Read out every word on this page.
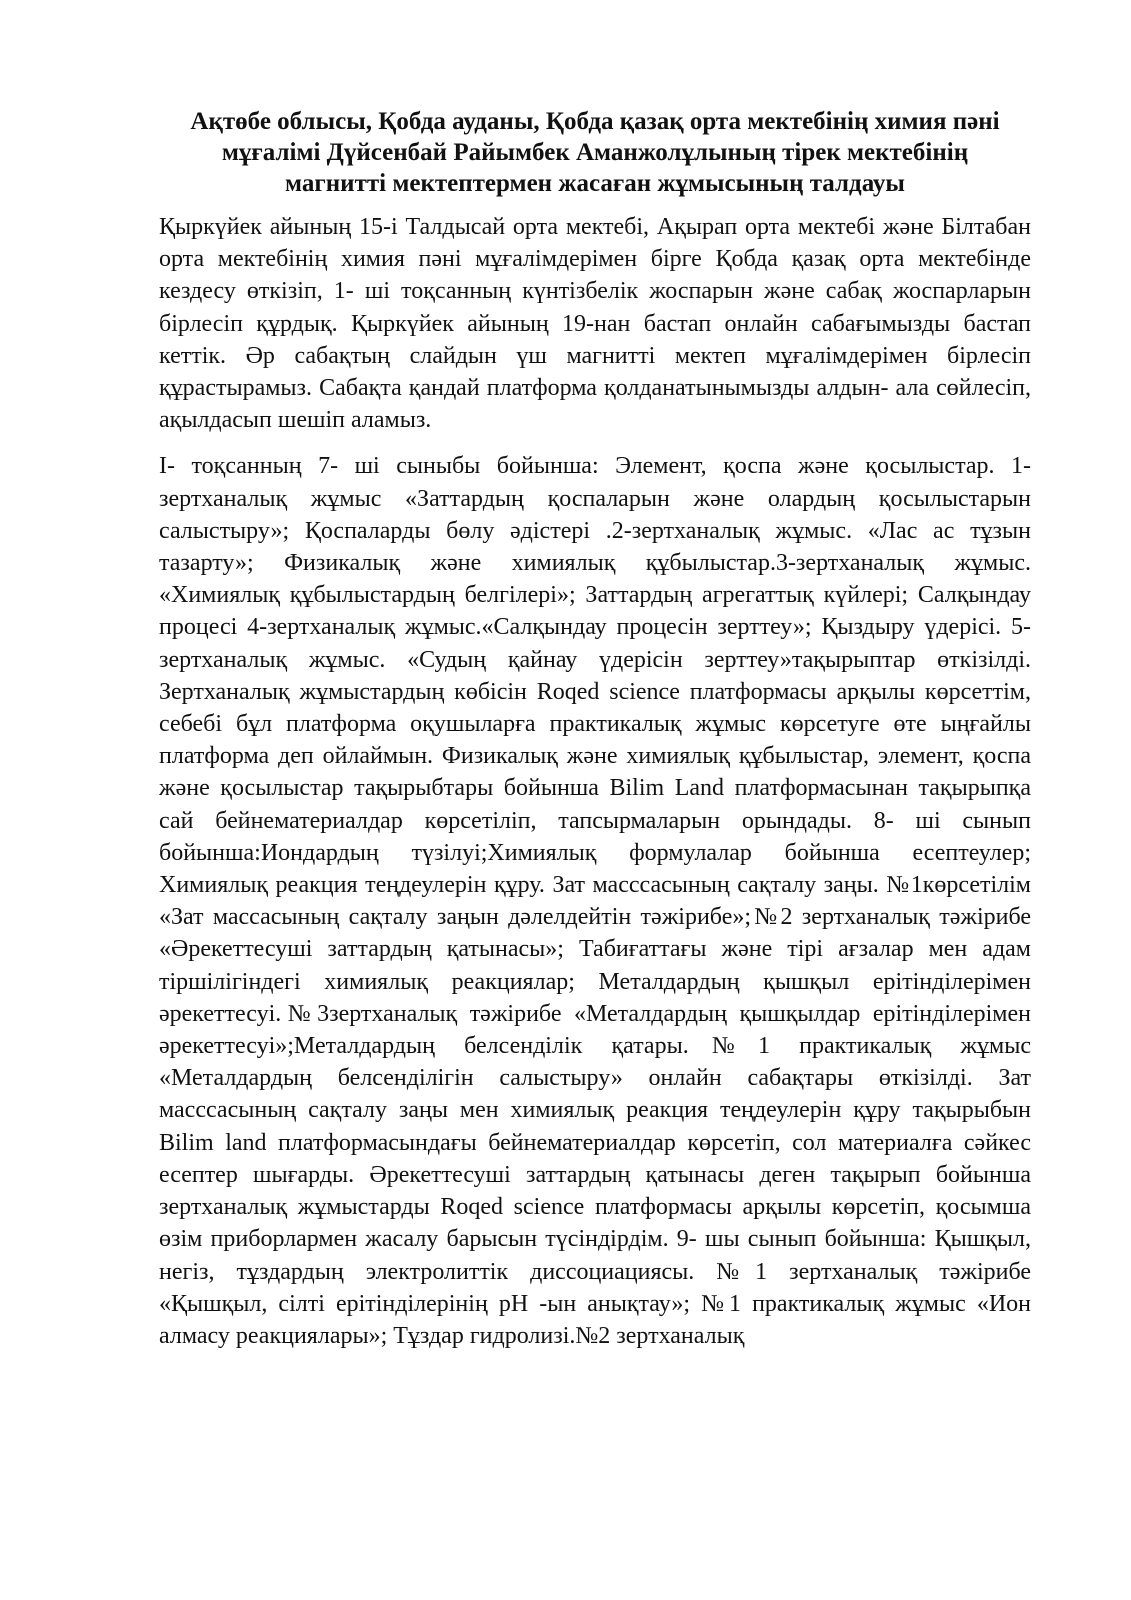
Ақтөбе облысы, Қобда ауданы, Қобда қазақ орта мектебінің химия пәні мұғалімі Дүйсенбай Райымбек Аманжолұлының тірек мектебінің магнитті мектептермен жасаған жұмысының талдауы

Қыркүйек айының 15-і Талдысай орта мектебі, Ақырап орта мектебі және Білтабан орта мектебінің химия пәні мұғалімдерімен бірге Қобда қазақ орта мектебінде кездесу өткізіп, 1- ші тоқсанның күнтізбелік жоспарын және сабақ жоспарларын бірлесіп құрдық. Қыркүйек айының 19-нан бастап онлайн сабағымызды бастап кеттік. Әр сабақтың слайдын үш магнитті мектеп мұғалімдерімен бірлесіп құрастырамыз. Сабақта қандай платформа қолданатынымызды алдын- ала сөйлесіп, ақылдасып шешіп аламыз.

І- тоқсанның 7- ші сыныбы бойынша: Элемент, қоспа және қосылыстар. 1-зертханалық жұмыс «Заттардың қоспаларын және олардың қосылыстарын салыстыру»; Қоспаларды бөлу әдістері .2-зертханалық жұмыс. «Лас ас тұзын тазарту»; Физикалық және химиялық құбылыстар.3-зертханалық жұмыс. «Химиялық құбылыстардың белгілері»; Заттардың агрегаттық күйлері; Салқындау процесі 4-зертханалық жұмыс.«Салқындау процесін зерттеу»; Қыздыру үдерісі. 5-зертханалық жұмыс. «Судың қайнау үдерісін зерттеу»тақырыптар өткізілді. Зертханалық жұмыстардың көбісін Roqed science платформасы арқылы көрсеттім, себебі бұл платформа оқушыларға практикалық жұмыс көрсетуге өте ыңғайлы платформа деп ойлаймын. Физикалық және химиялық құбылыстар, элемент, қоспа және қосылыстар тақырыбтары бойынша Bilim Land платформасынан тақырыпқа сай бейнематериалдар көрсетіліп, тапсырмаларын орындады. 8- ші сынып бойынша:Иондардың түзілуі;Химиялық формулалар бойынша есептеулер; Химиялық реакция теңдеулерін құру. Зат масссасының сақталу заңы. №1көрсетілім «Зат массасының сақталу заңын дәлелдейтін тәжірибе»;№2 зертханалық тәжірибе «Әрекеттесуші заттардың қатынасы»; Табиғаттағы және тірі ағзалар мен адам тіршілігіндегі химиялық реакциялар; Металдардың қышқыл ерітінділерімен әрекеттесуі.№3зертханалық тәжірибе «Металдардың қышқылдар ерітінділерімен әрекеттесуі»;Металдардың белсенділік қатары.№1 практикалық жұмыс «Металдардың белсенділігін салыстыру» онлайн сабақтары өткізілді. Зат масссасының сақталу заңы мен химиялық реакция теңдеулерін құру тақырыбын Bilim land платформасындағы бейнематериалдар көрсетіп, сол материалға сәйкес есептер шығарды. Әрекеттесуші заттардың қатынасы деген тақырып бойынша зертханалық жұмыстарды Roqed science платформасы арқылы көрсетіп, қосымша өзім приборлармен жасалу барысын түсіндірдім. 9- шы сынып бойынша: Қышқыл, негіз, тұздардың электролиттік диссоциациясы. №1 зертханалық тәжірибе «Қышқыл, сілті ерітінділерінің рН -ын анықтау»; №1 практикалық жұмыс «Ион алмасу реакциялары»; Тұздар гидролизі.№2 зертханалық
